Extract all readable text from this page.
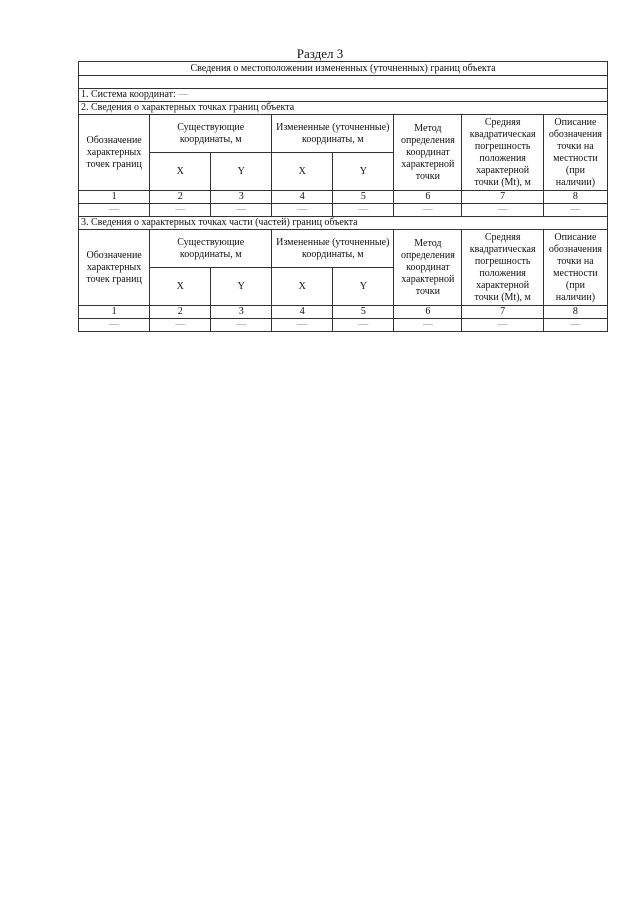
Раздел 3
Сведения о местоположении измененных (уточненных) границ объекта							

1. Система координат: —							
2. Сведения о характерных точках границ объекта							
Обозначение характерных точек границ	Существующие координаты, м		Измененные (уточненные) координаты, м		Метод определения координат характерной точки	Средняя квадратическая погрешность положения характерной точки (Mt), м	Описание обозначения точки на местности (при наличии)
	X	Y	X	Y			
1	2	3	4	5	6	7	8
—	—	—	—	—	—	—	—
3. Сведения о характерных точках части (частей) границ объекта							
Обозначение характерных точек границ	Существующие координаты, м		Измененные (уточненные) координаты, м		Метод определения координат характерной точки	Средняя квадратическая погрешность положения характерной точки (Mt), м	Описание обозначения точки на местности (при наличии)
	X	Y	X	Y			
1	2	3	4	5	6	7	8
—	—	—	—	—	—	—	—
